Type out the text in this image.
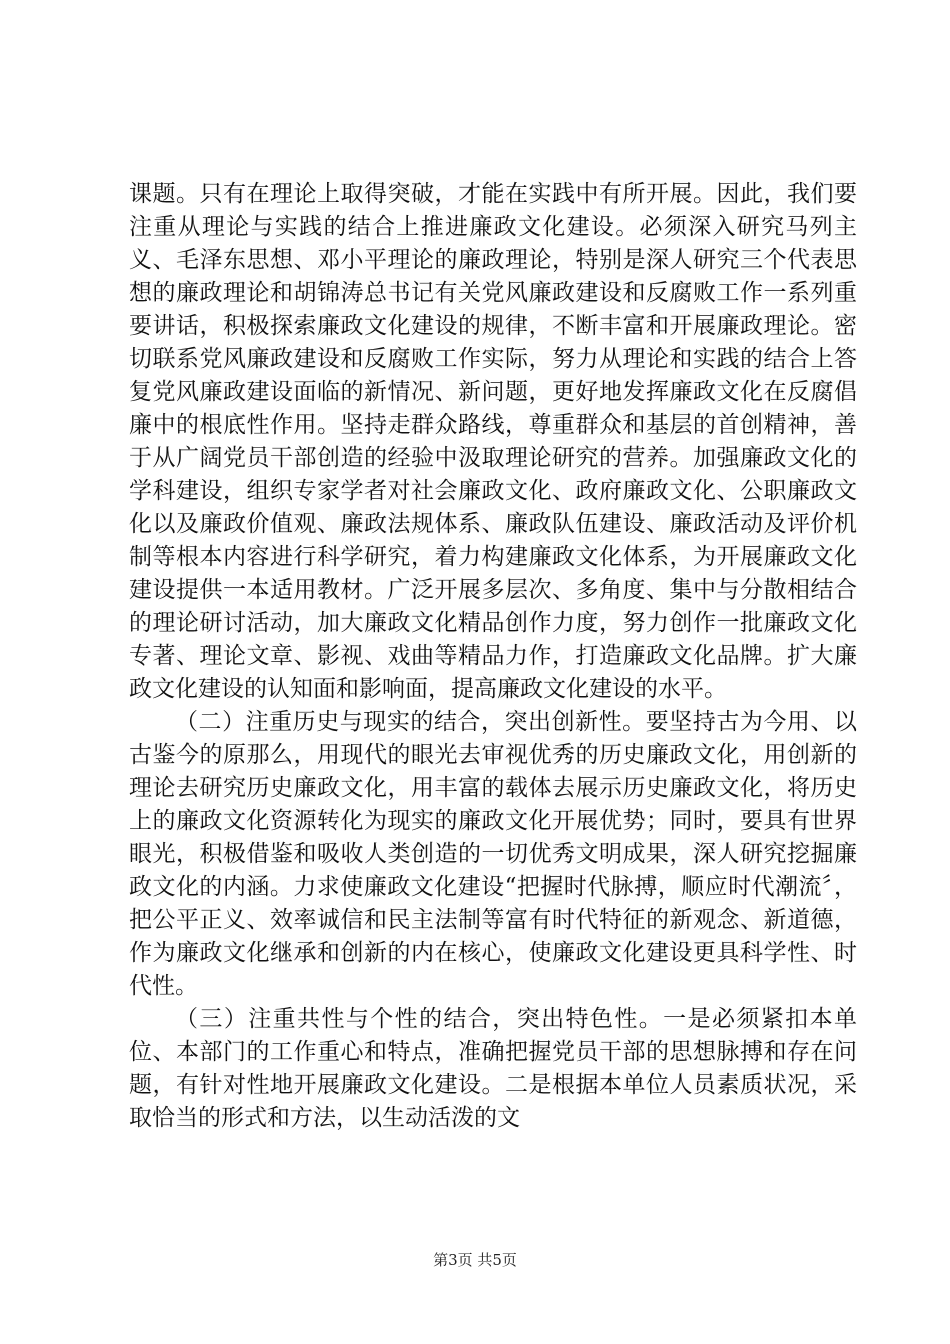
课题。只有在理论上取得突破，才能在实践中有所开展。因此，我们要注重从理论与实践的结合上推进廉政文化建设。必须深入研究马列主义、毛泽东思想、邓小平理论的廉政理论，特别是深人研究三个代表思想的廉政理论和胡锦涛总书记有关党风廉政建设和反腐败工作一系列重要讲话，积极探索廉政文化建设的规律，不断丰富和开展廉政理论。密切联系党风廉政建设和反腐败工作实际，努力从理论和实践的结合上答复党风廉政建设面临的新情况、新问题，更好地发挥廉政文化在反腐倡廉中的根底性作用。坚持走群众路线，尊重群众和基层的首创精神，善于从广阔党员干部创造的经验中汲取理论研究的营养。加强廉政文化的学科建设，组织专家学者对社会廉政文化、政府廉政文化、公职廉政文化以及廉政价值观、廉政法规体系、廉政队伍建设、廉政活动及评价机制等根本内容进行科学研究，着力构建廉政文化体系，为开展廉政文化建设提供一本适用教材。广泛开展多层次、多角度、集中与分散相结合的理论研讨活动，加大廉政文化精品创作力度，努力创作一批廉政文化专著、理论文章、影视、戏曲等精品力作，打造廉政文化品牌。扩大廉政文化建设的认知面和影响面，提高廉政文化建设的水平。

（二）注重历史与现实的结合，突出创新性。要坚持古为今用、以古鉴今的原那么，用现代的眼光去审视优秀的历史廉政文化，用创新的理论去研究历史廉政文化，用丰富的载体去展示历史廉政文化，将历史上的廉政文化资源转化为现实的廉政文化开展优势；同时，要具有世界眼光，积极借鉴和吸收人类创造的一切优秀文明成果，深人研究挖掘廉政文化的内涵。力求使廉政文化建设“把握时代脉搏，顺应时代潮流〞，把公平正义、效率诚信和民主法制等富有时代特征的新观念、新道德，作为廉政文化继承和创新的内在核心，使廉政文化建设更具科学性、时代性。

（三）注重共性与个性的结合，突出特色性。一是必须紧扣本单位、本部门的工作重心和特点，准确把握党员干部的思想脉搏和存在问题，有针对性地开展廉政文化建设。二是根据本单位人员素质状况，采取恰当的形式和方法，以生动活泼的文

第3页 共5页
